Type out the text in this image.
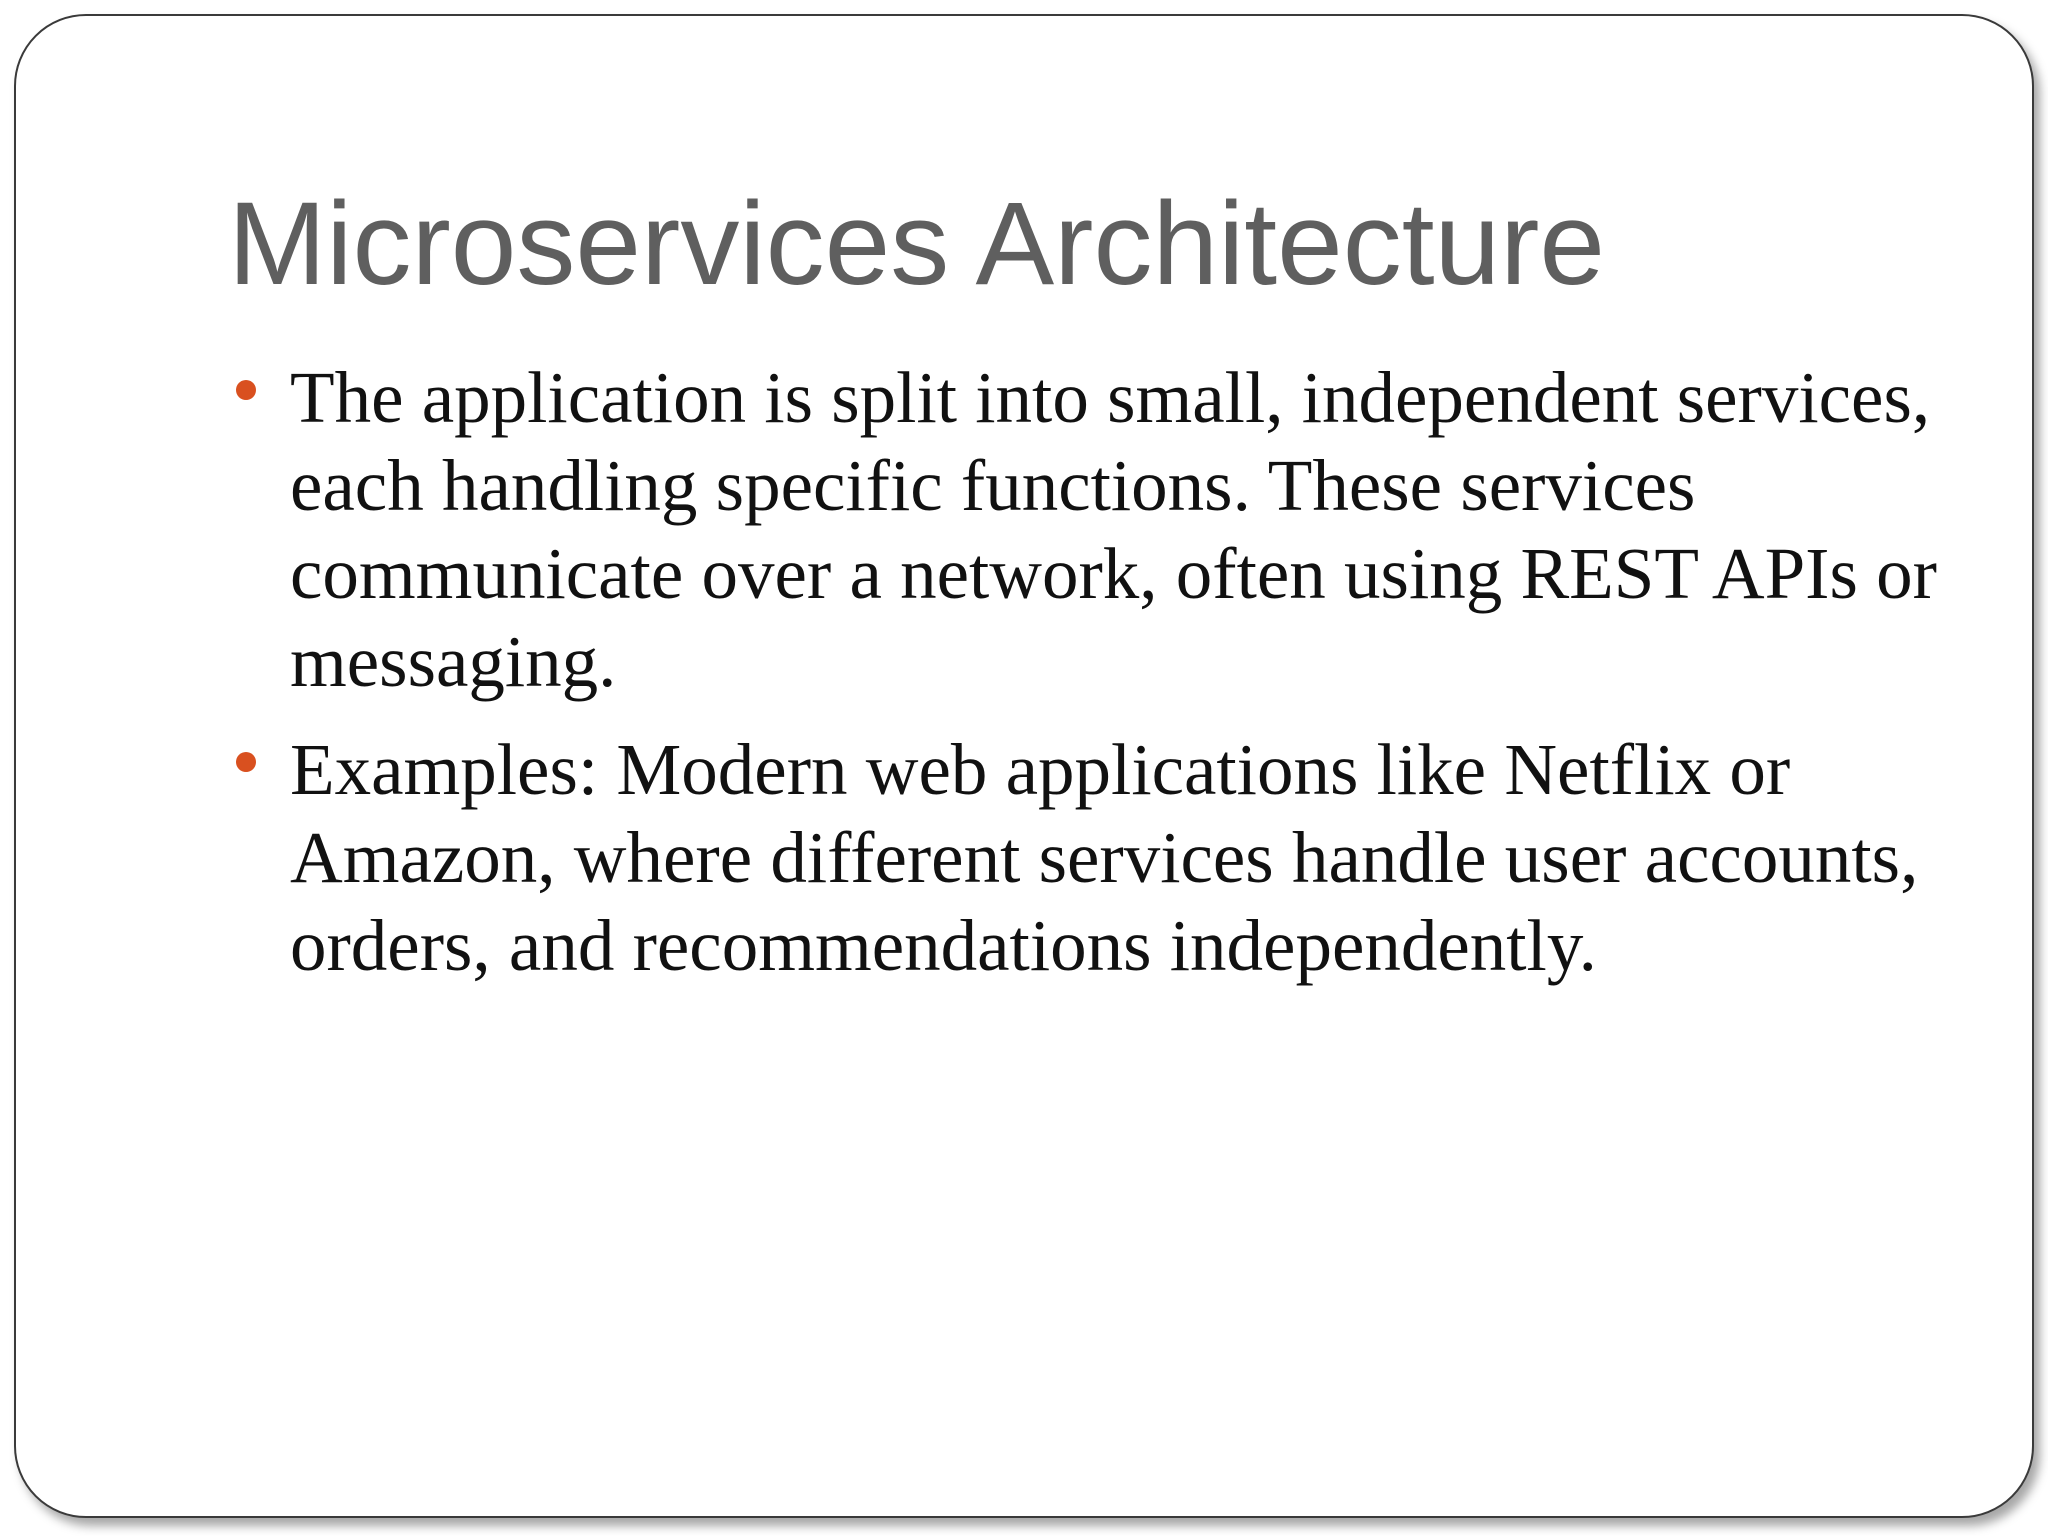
Microservices Architecture
The application is split into small, independent services, each handling specific functions. These services communicate over a network, often using REST APIs or messaging.
Examples: Modern web applications like Netflix or Amazon, where different services handle user accounts, orders, and recommendations independently.
